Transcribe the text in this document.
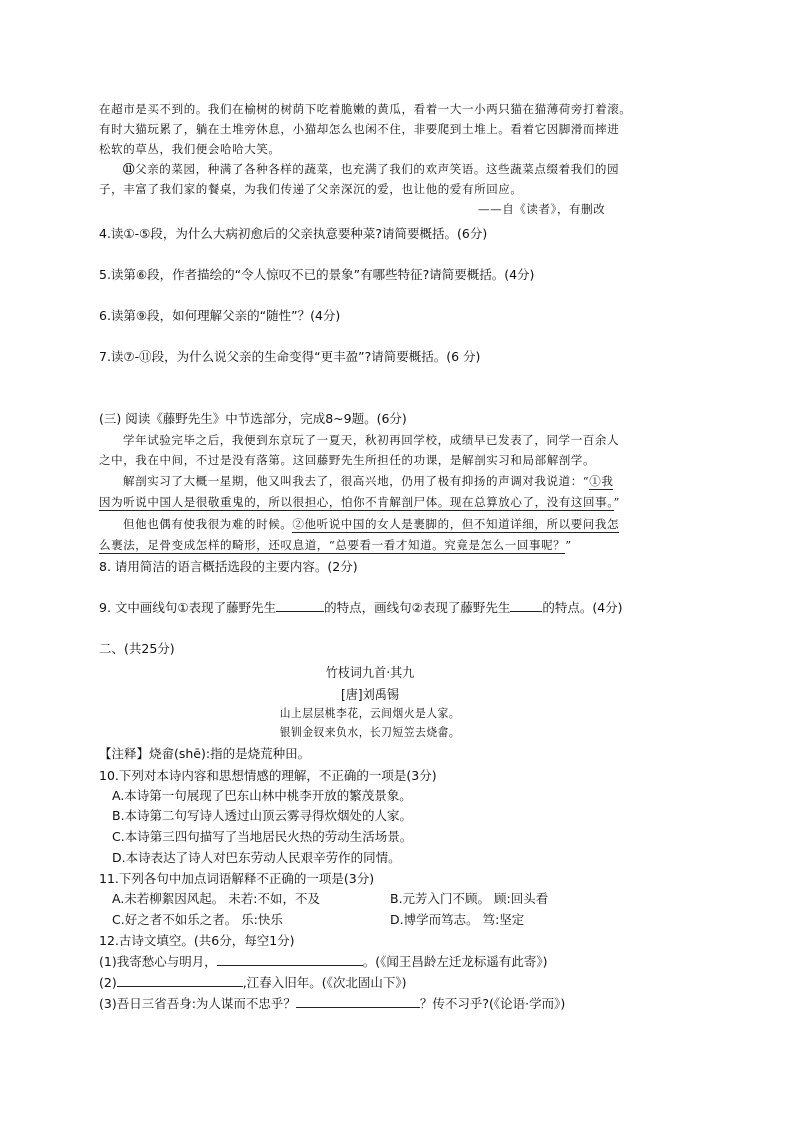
在超市是买不到的。我们在榆树的树荫下吃着脆嫩的黄瓜，看着一大一小两只猫在猫薄荷旁打着滚。
有时大猫玩累了，躺在土堆旁休息，小猫却怎么也闲不住，非要爬到土堆上。看着它因脚滑而摔进
松软的草丛，我们便会哈哈大笑。
⑪父亲的菜园，种满了各种各样的蔬菜，也充满了我们的欢声笑语。这些蔬菜点缀着我们的园
子，丰富了我们家的餐桌，为我们传递了父亲深沉的爱，也让他的爱有所回应。
——自《读者》，有删改
4.读①-⑤段，为什么大病初愈后的父亲执意要种菜?请简要概括。(6分)
5.读第⑥段，作者描绘的“令人惊叹不已的景象”有哪些特征?请简要概括。(4分)
6.读第⑨段，如何理解父亲的“随性”？(4分)
7.读⑦-⑪段，为什么说父亲的生命变得“更丰盈”?请简要概括。(6 分)
(三) 阅读《藤野先生》中节选部分，完成8~9题。(6分)
学年试验完毕之后，我便到东京玩了一夏天，秋初再回学校，成绩早已发表了，同学一百余人
之中，我在中间，不过是没有落第。这回藤野先生所担任的功课，是解剖实习和局部解剖学。
解剖实习了大概一星期，他又叫我去了，很高兴地，仍用了极有抑扬的声调对我说道：“①我
因为听说中国人是很敬重鬼的，所以很担心，怕你不肯解剖尸体。现在总算放心了，没有这回事。”
但他也偶有使我很为难的时候。②他听说中国的女人是裹脚的，但不知道详细，所以要问我怎
么裹法，足骨变成怎样的畸形，还叹息道，“总要看一看才知道。究竟是怎么一回事呢？”
8. 请用简洁的语言概括选段的主要内容。(2分)
9. 文中画线句①表现了藤野先生	的特点，画线句②表现了藤野先生	的特点。(4分)
二、(共25分)
竹枝词九首·其九
[唐]刘禹锡
山上层层桃李花，云间烟火是人家。
银钏金钗来负水，长刀短笠去烧畲。
【注释】烧畲(shē):指的是烧荒种田。
10.下列对本诗内容和思想情感的理解，不正确的一项是(3分)
A.本诗第一句展现了巴东山林中桃李开放的繁茂景象。
B.本诗第二句写诗人透过山顶云雾寻得炊烟处的人家。
C.本诗第三四句描写了当地居民火热的劳动生活场景。
D.本诗表达了诗人对巴东劳动人民艰辛劳作的同情。
11.下列各句中加点词语解释不正确的一项是(3分)
A.未若柳絮因风起。 未若:不如，不及	B.元芳入门不顾。 顾:回头看
C.好之者不如乐之者。 乐:快乐	D.博学而笃志。 笃:坚定
12.古诗文填空。(共6分，每空1分)
(1)我寄愁心与明月，	。(《闻王昌龄左迁龙标遥有此寄》)
(2)	,江春入旧年。(《次北固山下》)
(3)吾日三省吾身:为人谋而不忠乎？	？传不习乎?(《论语·学而》)
